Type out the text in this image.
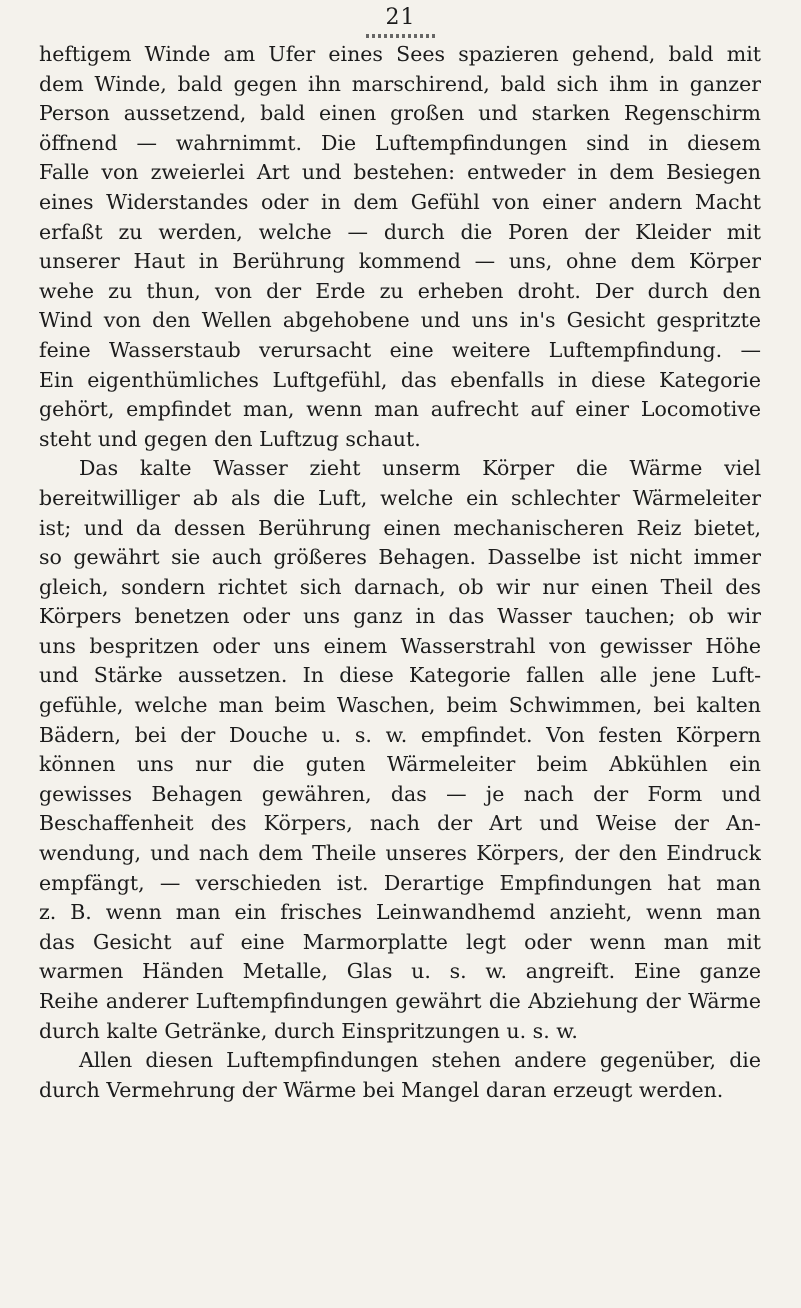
21
heftigem Winde am Ufer eines Sees spazieren gehend, bald mit
dem Winde, bald gegen ihn marschirend, bald sich ihm in ganzer
Person aussetzend, bald einen großen und starken Regenschirm
öffnend — wahrnimmt. Die Luftempfindungen sind in diesem
Falle von zweierlei Art und bestehen: entweder in dem Besiegen
eines Widerstandes oder in dem Gefühl von einer andern Macht
erfaßt zu werden, welche — durch die Poren der Kleider mit
unserer Haut in Berührung kommend — uns, ohne dem Körper
wehe zu thun, von der Erde zu erheben droht. Der durch den
Wind von den Wellen abgehobene und uns in's Gesicht gespritzte
feine Wasserstaub verursacht eine weitere Luftempfindung. —
Ein eigenthümliches Luftgefühl, das ebenfalls in diese Kategorie
gehört, empfindet man, wenn man aufrecht auf einer Locomotive
steht und gegen den Luftzug schaut.
Das kalte Wasser zieht unserm Körper die Wärme viel
bereitwilliger ab als die Luft, welche ein schlechter Wärmeleiter
ist; und da dessen Berührung einen mechanischeren Reiz bietet,
so gewährt sie auch größeres Behagen. Dasselbe ist nicht immer
gleich, sondern richtet sich darnach, ob wir nur einen Theil des
Körpers benetzen oder uns ganz in das Wasser tauchen; ob wir
uns bespritzen oder uns einem Wasserstrahl von gewisser Höhe
und Stärke aussetzen. In diese Kategorie fallen alle jene Luft-
gefühle, welche man beim Waschen, beim Schwimmen, bei kalten
Bädern, bei der Douche u. s. w. empfindet. Von festen Körpern
können uns nur die guten Wärmeleiter beim Abkühlen ein
gewisses Behagen gewähren, das — je nach der Form und
Beschaffenheit des Körpers, nach der Art und Weise der An-
wendung, und nach dem Theile unseres Körpers, der den Eindruck
empfängt, — verschieden ist. Derartige Empfindungen hat man
z. B. wenn man ein frisches Leinwandhemd anzieht, wenn man
das Gesicht auf eine Marmorplatte legt oder wenn man mit
warmen Händen Metalle, Glas u. s. w. angreift. Eine ganze
Reihe anderer Luftempfindungen gewährt die Abziehung der Wärme
durch kalte Getränke, durch Einspritzungen u. s. w.
Allen diesen Luftempfindungen stehen andere gegenüber, die
durch Vermehrung der Wärme bei Mangel daran erzeugt werden.
